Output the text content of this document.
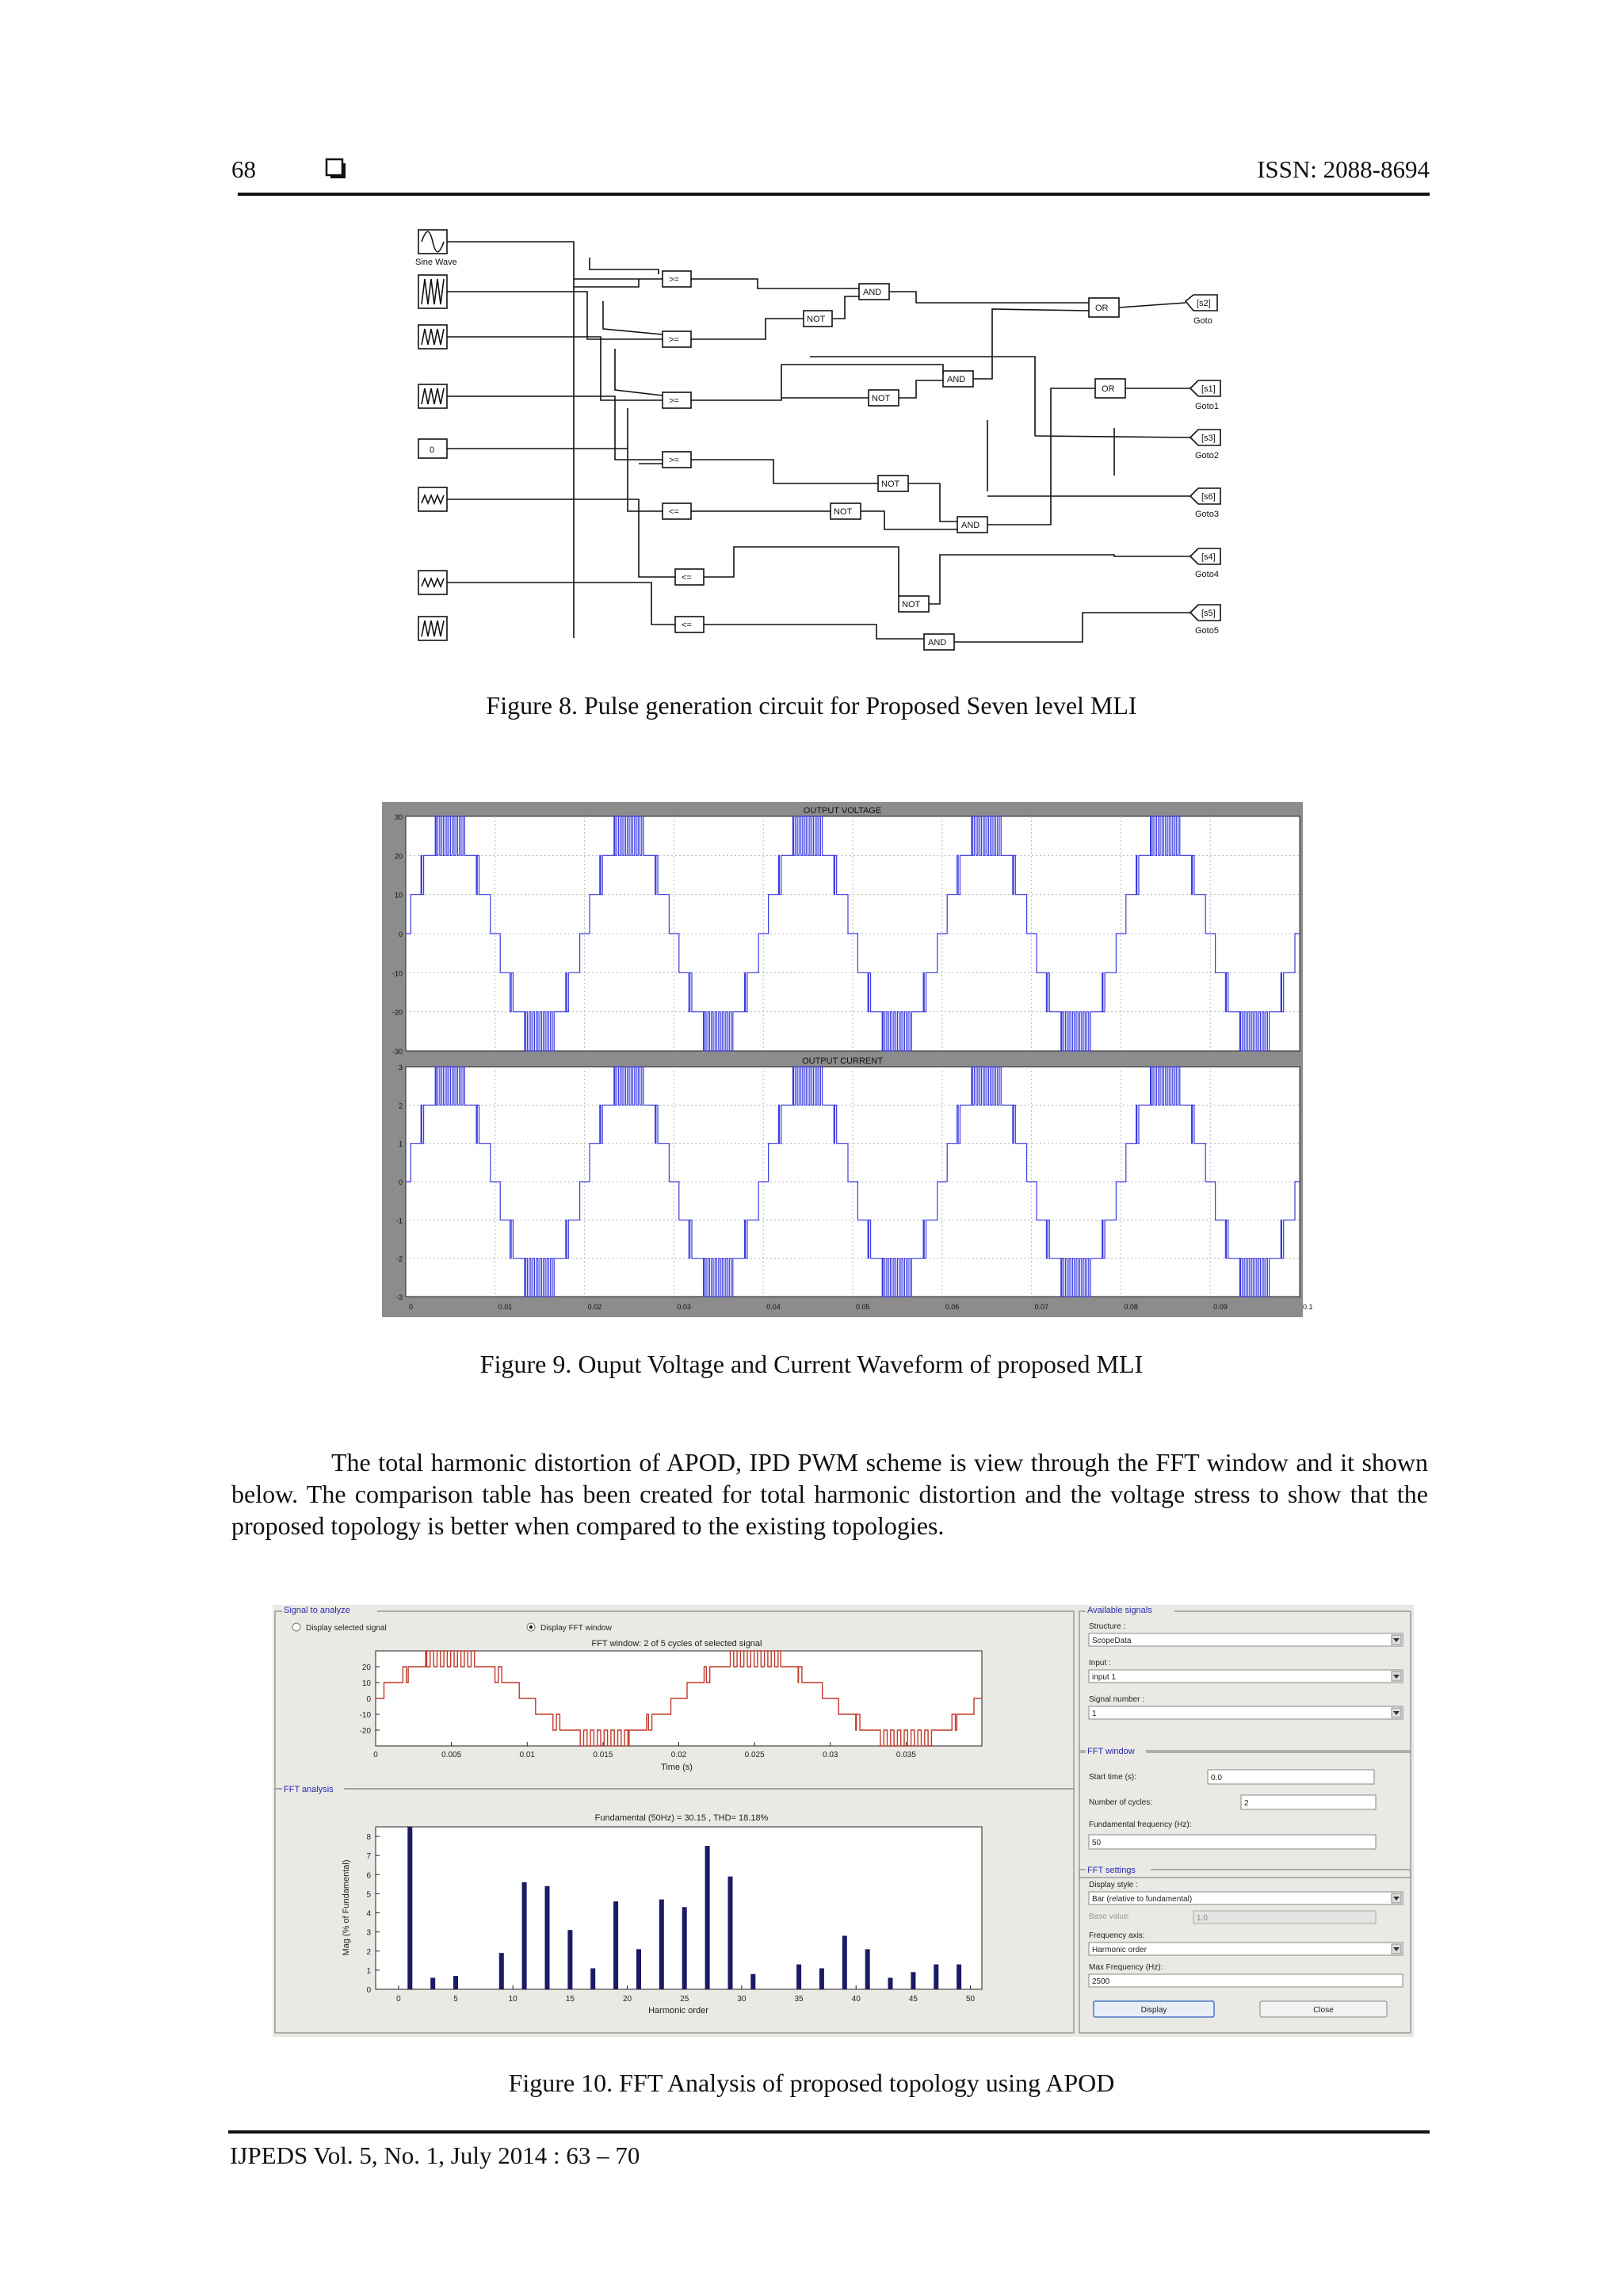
68	ISSN: 2088-8694
Sine Wave
0
>=
>=
>=
>=
<=
<=
<=
NOT
AND
NOT
AND
NOT
NOT
AND
NOT
AND
OR
OR
[s2]
Goto
[s1]
Goto1
[s3]
Goto2
[s6]
Goto3
[s4]
Goto4
[s5]
Goto5
Figure 8. Pulse generation circuit for Proposed Seven level MLI
OUTPUT VOLTAGE
OUTPUT CURRENT
30
20
10
0
-10
-20
-30
3
2
1
0
-1
-2
-3
0	0.01	0.02	0.03	0.04	0.05	0.06	0.07	0.08	0.09	0.1
Figure 9. Ouput Voltage and Current Waveform of proposed MLI
The total harmonic distortion of APOD, IPD PWM scheme is view through the FFT window and it shown below. The comparison table has been created for total harmonic distortion and the voltage stress to show that the proposed topology is better when compared to the existing topologies.
Signal to analyze
FFT analysis
Available signals
FFT window
FFT settings
Display selected signal	Display FFT window
FFT window: 2 of 5 cycles of selected signal
20
10
0
-10
-20
0	0.005	0.01	0.015	0.02	0.025	0.03	0.035
Time (s)
Fundamental (50Hz) = 30.15 , THD= 18.18%
Mag (% of Fundamental)
Harmonic order
8
7
6
5
4
3
2
1
0
0	5	10	15	20	25	30	35	40	45	50
Structure :
ScopeData
Input :
input 1
Signal number :
1
Start time (s):	0.0
Number of cycles:	2
Fundamental frequency (Hz):
50
Display style :
Bar (relative to fundamental)
Base value:	1.0
Frequency axis:
Harmonic order
Max Frequency (Hz):
2500
Display	Close
Figure 10. FFT Analysis of proposed topology using APOD
IJPEDS Vol. 5, No. 1, July 2014 : 63 – 70
